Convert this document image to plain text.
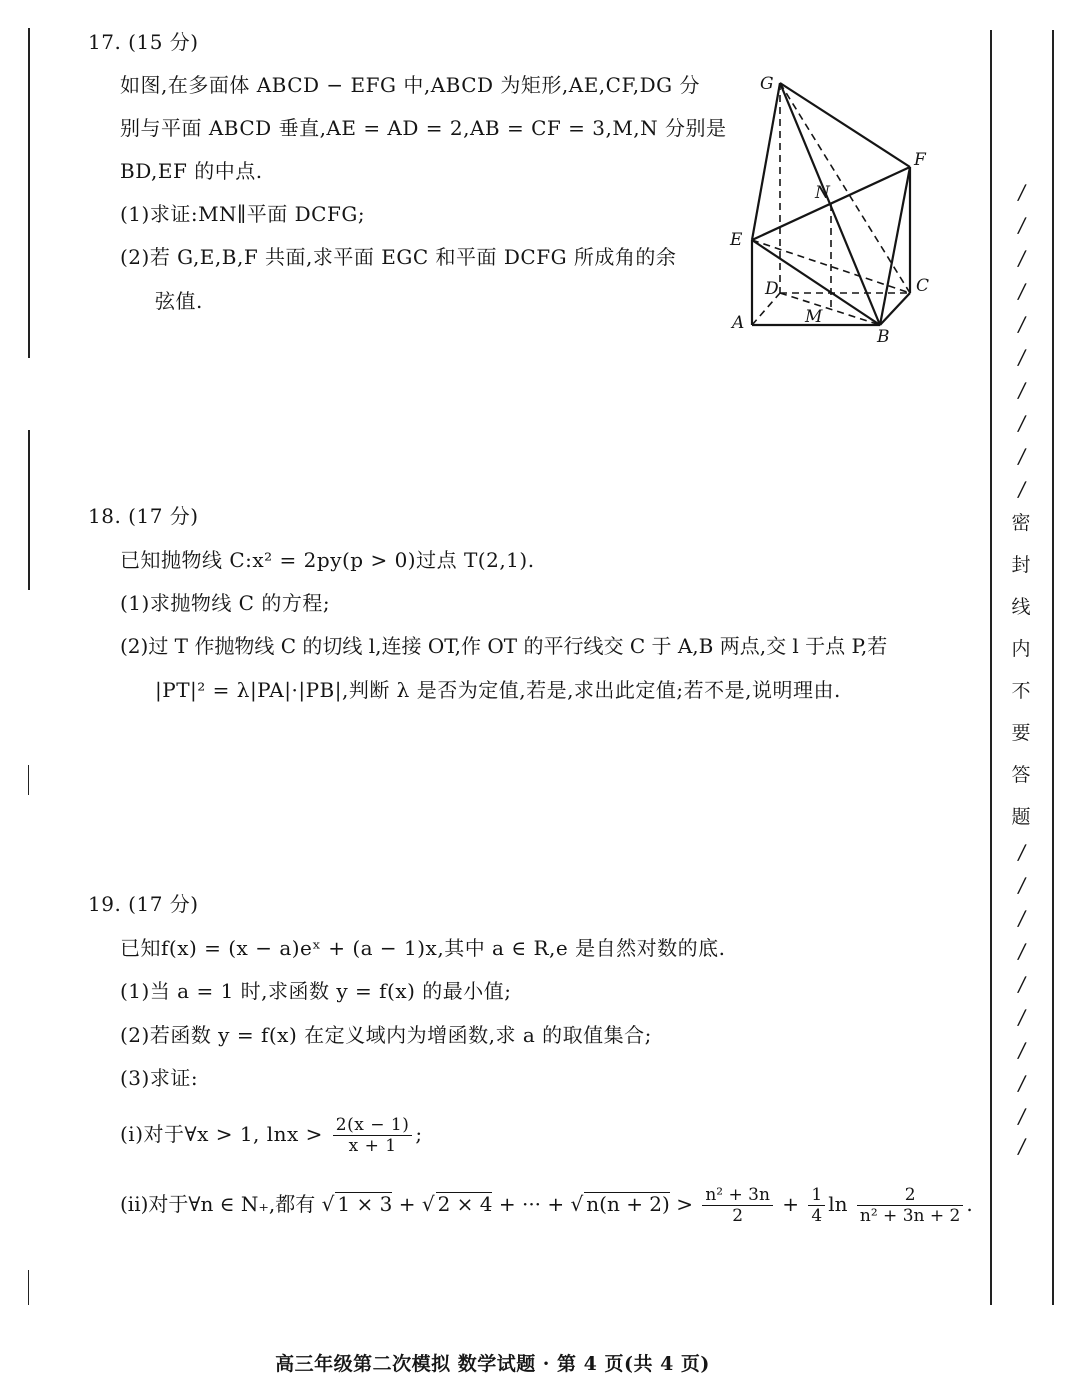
17. (15 分)
如图,在多面体 ABCD − EFG 中,ABCD 为矩形,AE,CF,DG 分
别与平面 ABCD 垂直,AE = AD = 2,AB = CF = 3,M,N 分别是
BD,EF 的中点.
(1)求证:MN∥平面 DCFG;
(2)若 G,E,B,F 共面,求平面 EGC 和平面 DCFG 所成角的余
弦值.
G
F
N
E
D	C
A	M
B
18. (17 分)
已知抛物线 C:x² = 2py(p > 0)过点 T(2,1).
(1)求抛物线 C 的方程;
(2)过 T 作抛物线 C 的切线 l,连接 OT,作 OT 的平行线交 C 于 A,B 两点,交 l 于点 P,若
|PT|² = λ|PA|·|PB|,判断 λ 是否为定值,若是,求出此定值;若不是,说明理由.
19. (17 分)
已知f(x) = (x − a)eˣ + (a − 1)x,其中 a ∈ R,e 是自然对数的底.
(1)当 a = 1 时,求函数 y = f(x) 的最小值;
(2)若函数 y = f(x) 在定义域内为增函数,求 a 的取值集合;
(3)求证:
(i)对于∀x > 1, $\ln x > \frac{2(x - 1)}{x + 1}$ ;
(ii)对于∀n ∈ N₊,都有 √ 1 × 3 + √ 2 × 4 + ··· + √ $n(n + 2) > \frac{\text{n² + 3n}}{2} + \frac{1}{4}$ $\ln \frac{2}{\text{n² + 3n + 2}}$ .
/
/
/
/
/
/
/
/
/
/
密
封
线
内
不
要
答
题
/
/
/
/
/
/
/
/
/
/
高三年级第二次模拟 数学试题 · 第 4 页(共 4 页)
